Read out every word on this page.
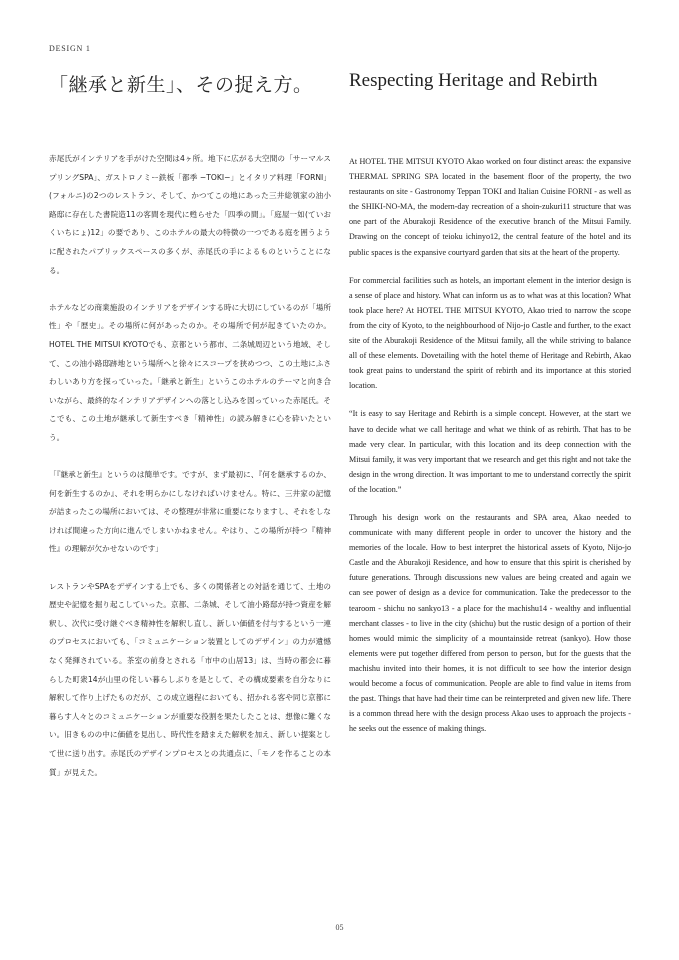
DESIGN 1
「継承と新生」、その捉え方。 Respecting Heritage and Rebirth

赤尾氏がインテリアを手がけた空間は4ヶ所。地下に広がる大空間の「サーマルスプリングSPA」、ガストロノミー鉄板「都季 −TOKI−」とイタリア料理「FORNI」(フォルニ)の2つのレストラン、そして、かつてこの地にあった三井総領家の油小路邸に存在した書院造11の客間を現代に甦らせた「四季の間」。「庭屋一如(ていおくいちにょ)12」の要であり、このホテルの最大の特徴の一つである庭を囲うように配されたパブリックスペースの多くが、赤尾氏の手によるものということになる。

ホテルなどの商業施設のインテリアをデザインする時に大切にしているのが「場所性」や「歴史」。その場所に何があったのか。その場所で何が起きていたのか。HOTEL THE MITSUI KYOTOでも、京都という都市、二条城周辺という地域、そして、この油小路邸跡地という場所へと徐々にスコープを狭めつつ、この土地にふさわしいあり方を探っていった。「継承と新生」というこのホテルのテーマと向き合いながら、最終的なインテリアデザインへの落とし込みを図っていった赤尾氏。そこでも、この土地が継承して新生すべき「精神性」の読み解きに心を砕いたという。

「『継承と新生』というのは簡単です。ですが、まず最初に、『何を継承するのか、何を新生するのか』、それを明らかにしなければいけません。特に、三井家の記憶が詰まったこの場所においては、その整理が非常に重要になりますし、それをしなければ間違った方向に進んでしまいかねません。やはり、この場所が持つ『精神性』の理解が欠かせないのです」

レストランやSPAをデザインする上でも、多くの関係者との対話を通じて、土地の歴史や記憶を掘り起こしていった。京都、二条城、そして油小路邸が持つ資産を解釈し、次代に受け継ぐべき精神性を解釈し直し、新しい価値を付与するという一連のプロセスにおいても、「コミュニケーション装置としてのデザイン」の力が遺憾なく発揮されている。茶室の前身とされる「市中の山居13」は、当時の都会に暮らした町衆14が山里の侘しい暮らしぶりを是として、その構成要素を自分なりに解釈して作り上げたものだが、この成立過程においても、招かれる客や同じ京都に暮らす人々とのコミュニケーションが重要な役割を果たしたことは、想像に難くない。旧きものの中に価値を見出し、時代性を踏まえた解釈を加え、新しい提案として世に送り出す。赤尾氏のデザインプロセスとの共通点に、「モノを作ることの本質」が見えた。

At HOTEL THE MITSUI KYOTO Akao worked on four distinct areas: the expansive THERMAL SPRING SPA located in the basement floor of the property, the two restaurants on site - Gastronomy Teppan TOKI and Italian Cuisine FORNI - as well as the SHIKI-NO-MA, the modern-day recreation of a shoin-zukuri11 structure that was one part of the Aburakoji Residence of the executive branch of the Mitsui Family. Drawing on the concept of teioku ichinyo12, the central feature of the hotel and its public spaces is the expansive courtyard garden that sits at the heart of the property.

For commercial facilities such as hotels, an important element in the interior design is a sense of place and history. What can inform us as to what was at this location? What took place here? At HOTEL THE MITSUI KYOTO, Akao tried to narrow the scope from the city of Kyoto, to the neighbourhood of Nijo-jo Castle and further, to the exact site of the Aburakoji Residence of the Mitsui family, all the while striving to balance all of these elements. Dovetailing with the hotel theme of Heritage and Rebirth, Akao took great pains to understand the spirit of rebirth and its importance at this storied location.

“It is easy to say Heritage and Rebirth is a simple concept. However, at the start we have to decide what we call heritage and what we think of as rebirth. That has to be made very clear. In particular, with this location and its deep connection with the Mitsui family, it was very important that we research and get this right and not take the design in the wrong direction. It was important to me to understand correctly the spirit of the location.”

Through his design work on the restaurants and SPA area, Akao needed to communicate with many different people in order to uncover the history and the memories of the locale. How to best interpret the historical assets of Kyoto, Nijo-jo Castle and the Aburakoji Residence, and how to ensure that this spirit is cherished by future generations. Through discussions new values are being created and again we can see power of design as a device for communication. Take the predecessor to the tearoom - shichu no sankyo13 - a place for the machishu14 - wealthy and influential merchant classes - to live in the city (shichu) but the rustic design of a portion of their homes would mimic the simplicity of a mountainside retreat (sankyo). How those elements were put together differed from person to person, but for the guests that the machishu invited into their homes, it is not difficult to see how the interior design would become a focus of communication. People are able to find value in items from the past. Things that have had their time can be reinterpreted and given new life. There is a common thread here with the design process Akao uses to approach the projects - he seeks out the essence of making things.

05
